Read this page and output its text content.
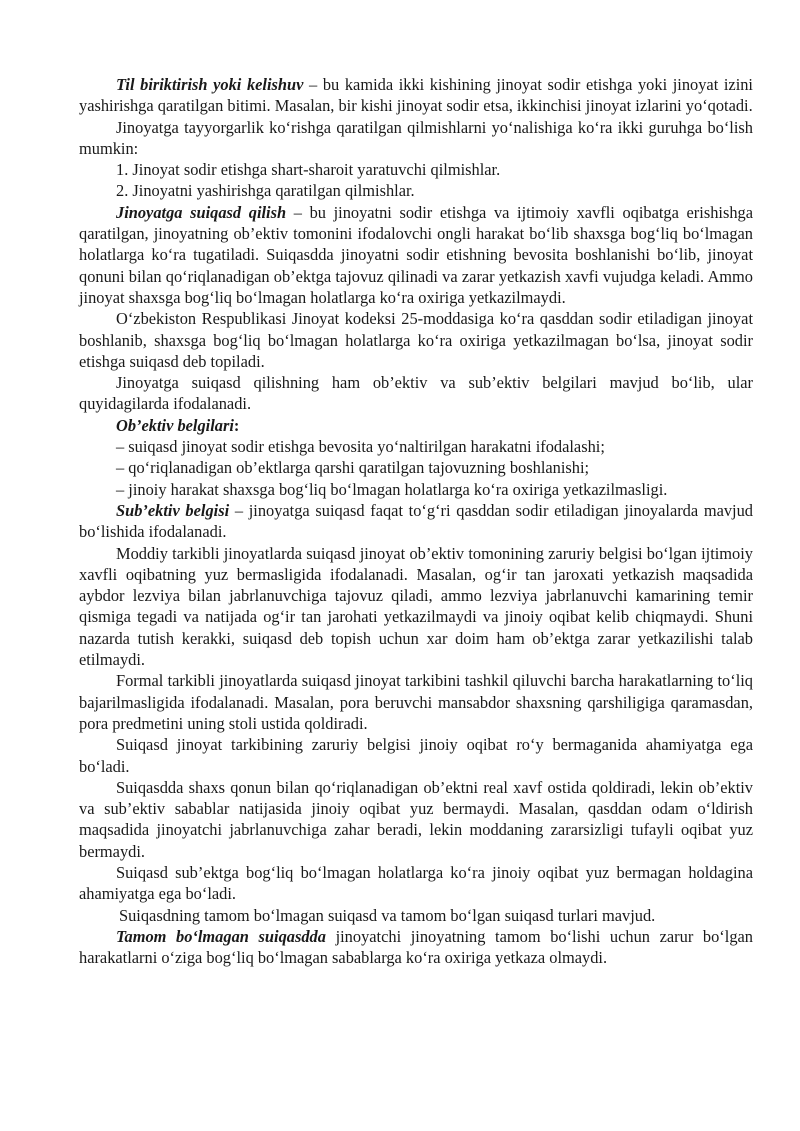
Til biriktirish yoki kelishuv – bu kamida ikki kishining jinoyat sodir etishga yoki jinoyat izini yashirishga qaratilgan bitimi. Masalan, bir kishi jinoyat sodir etsa, ikkinchisi jinoyat izlarini yo‘qotadi.

Jinoyatga tayyorgarlik ko‘rishga qaratilgan qilmishlarni yo‘nalishiga ko‘ra ikki guruhga bo‘lish mumkin:

1. Jinoyat sodir etishga shart-sharoit yaratuvchi qilmishlar.

2. Jinoyatni yashirishga qaratilgan qilmishlar.

Jinoyatga suiqasd qilish – bu jinoyatni sodir etishga va ijtimoiy xavfli oqibatga erishishga qaratilgan, jinoyatning ob’ektiv tomonini ifodalovchi ongli harakat bo‘lib shaxsga bog‘liq bo‘lmagan holatlarga ko‘ra tugatiladi. Suiqasdda jinoyatni sodir etishning bevosita boshlanishi bo‘lib, jinoyat qonuni bilan qo‘riqlanadigan ob’ektga tajovuz qilinadi va zarar yetkazish xavfi vujudga keladi. Ammo jinoyat shaxsga bog‘liq bo‘lmagan holatlarga ko‘ra oxiriga yetkazilmaydi.

O‘zbekiston Respublikasi Jinoyat kodeksi 25-moddasiga ko‘ra qasddan sodir etiladigan jinoyat boshlanib, shaxsga bog‘liq bo‘lmagan holatlarga ko‘ra oxiriga yetkazilmagan bo‘lsa, jinoyat sodir etishga suiqasd deb topiladi.

Jinoyatga suiqasd qilishning ham ob’ektiv va sub’ektiv belgilari mavjud bo‘lib, ular quyidagilarda ifodalanadi.

Ob’ektiv belgilari:

– suiqasd jinoyat sodir etishga bevosita yo‘naltirilgan harakatni ifodalashi;

– qo‘riqlanadigan ob’ektlarga qarshi qaratilgan tajovuzning boshlanishi;

– jinoiy harakat shaxsga bog‘liq bo‘lmagan holatlarga ko‘ra oxiriga yetkazilmasligi.

Sub’ektiv belgisi – jinoyatga suiqasd faqat to‘g‘ri qasddan sodir etiladigan jinoyalarda mavjud bo‘lishida ifodalanadi.

Moddiy tarkibli jinoyatlarda suiqasd jinoyat ob’ektiv tomonining zaruriy belgisi bo‘lgan ijtimoiy xavfli oqibatning yuz bermasligida ifodalanadi. Masalan, og‘ir tan jaroxati yetkazish maqsadida aybdor lezviya bilan jabrlanuvchiga tajovuz qiladi, ammo lezviya jabrlanuvchi kamarining temir qismiga tegadi va natijada og‘ir tan jarohati yetkazilmaydi va jinoiy oqibat kelib chiqmaydi. Shuni nazarda tutish kerakki, suiqasd deb topish uchun xar doim ham ob’ektga zarar yetkazilishi talab etilmaydi.

Formal tarkibli jinoyatlarda suiqasd jinoyat tarkibini tashkil qiluvchi barcha harakatlarning to‘liq bajarilmasligida ifodalanadi. Masalan, pora beruvchi mansabdor shaxsning qarshiligiga qaramasdan, pora predmetini uning stoli ustida qoldiradi.

Suiqasd jinoyat tarkibining zaruriy belgisi jinoiy oqibat ro‘y bermaganida ahamiyatga ega bo‘ladi.

Suiqasdda shaxs qonun bilan qo‘riqlanadigan ob’ektni real xavf ostida qoldiradi, lekin ob’ektiv va sub’ektiv sabablar natijasida jinoiy oqibat yuz bermaydi. Masalan, qasddan odam o‘ldirish maqsadida jinoyatchi jabrlanuvchiga zahar beradi, lekin moddaning zararsizligi tufayli oqibat yuz bermaydi.

Suiqasd sub’ektga bog‘liq bo‘lmagan holatlarga ko‘ra jinoiy oqibat yuz bermagan holdagina ahamiyatga ega bo‘ladi.

Suiqasdning tamom bo‘lmagan suiqasd va tamom bo‘lgan suiqasd turlari mavjud.

Tamom bo‘lmagan suiqasdda jinoyatchi jinoyatning tamom bo‘lishi uchun zarur bo‘lgan harakatlarni o‘ziga bog‘liq bo‘lmagan sabablarga ko‘ra oxiriga yetkaza olmaydi.
